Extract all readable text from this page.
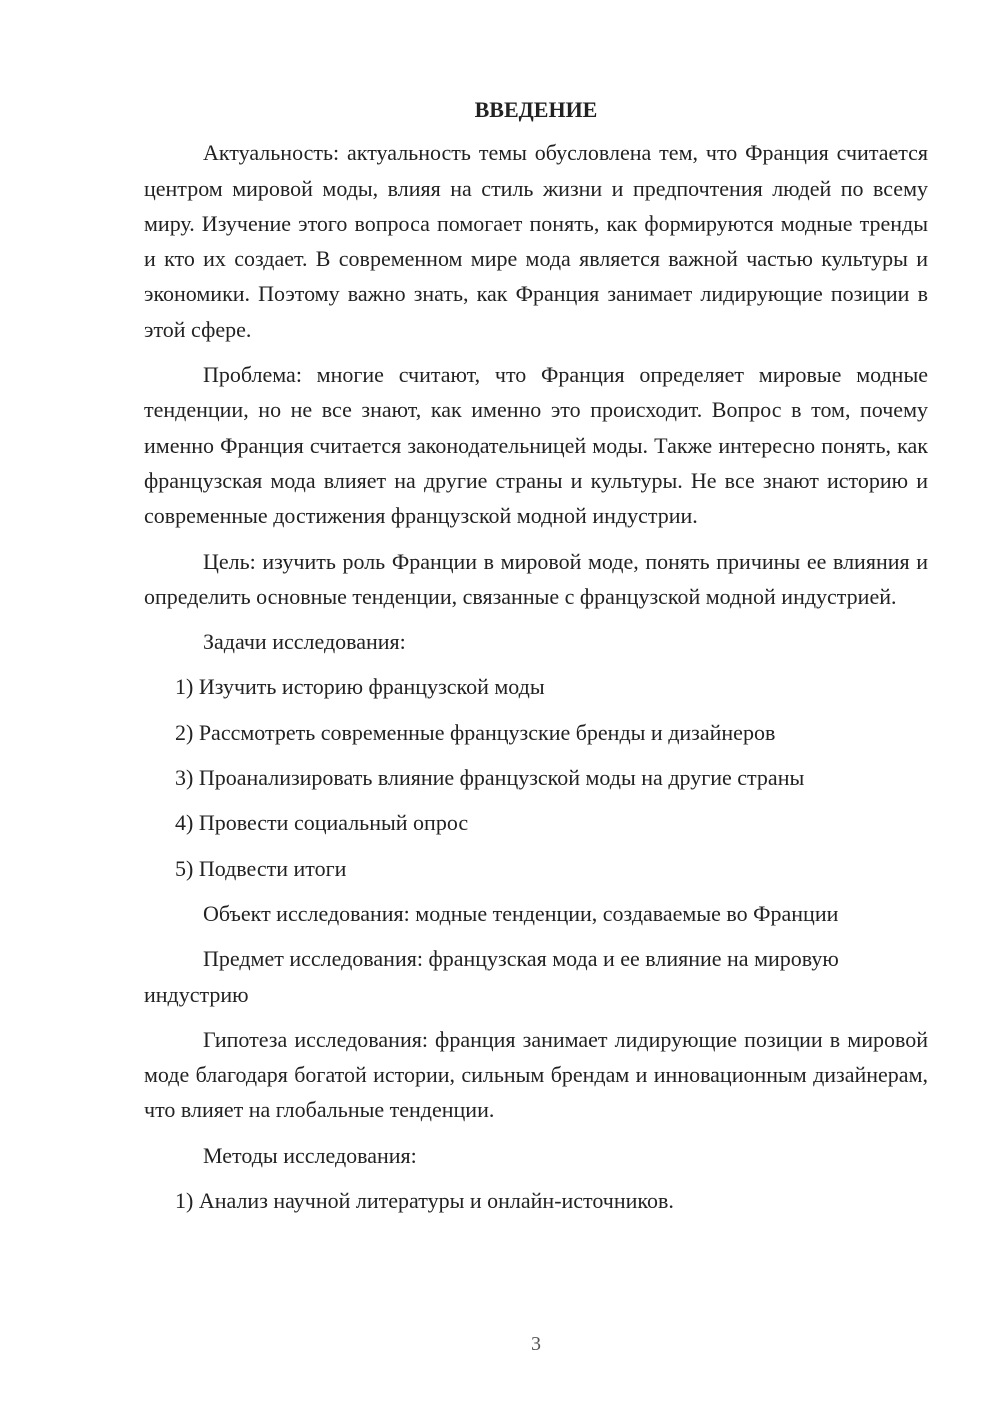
ВВЕДЕНИЕ

Актуальность: актуальность темы обусловлена тем, что Франция считается центром мировой моды, влияя на стиль жизни и предпочтения людей по всему миру. Изучение этого вопроса помогает понять, как формируются модные тренды и кто их создает. В современном мире мода является важной частью культуры и экономики. Поэтому важно знать, как Франция занимает лидирующие позиции в этой сфере.

Проблема: многие считают, что Франция определяет мировые модные тенденции, но не все знают, как именно это происходит. Вопрос в том, почему именно Франция считается законодательницей моды. Также интересно понять, как французская мода влияет на другие страны и культуры. Не все знают историю и современные достижения французской модной индустрии.

Цель: изучить роль Франции в мировой моде, понять причины ее влияния и определить основные тенденции, связанные с французской модной индустрией.

Задачи исследования:
1) Изучить историю французской моды
2) Рассмотреть современные французские бренды и дизайнеров
3) Проанализировать влияние французской моды на другие страны
4) Провести социальный опрос
5) Подвести итоги
Объект исследования: модные тенденции, создаваемые во Франции

Предмет исследования: французская мода и ее влияние на мировую индустрию

Гипотеза исследования: франция занимает лидирующие позиции в мировой моде благодаря богатой истории, сильным брендам и инновационным дизайнерам, что влияет на глобальные тенденции.

Методы исследования:
1) Анализ научной литературы и онлайн-источников.
3
